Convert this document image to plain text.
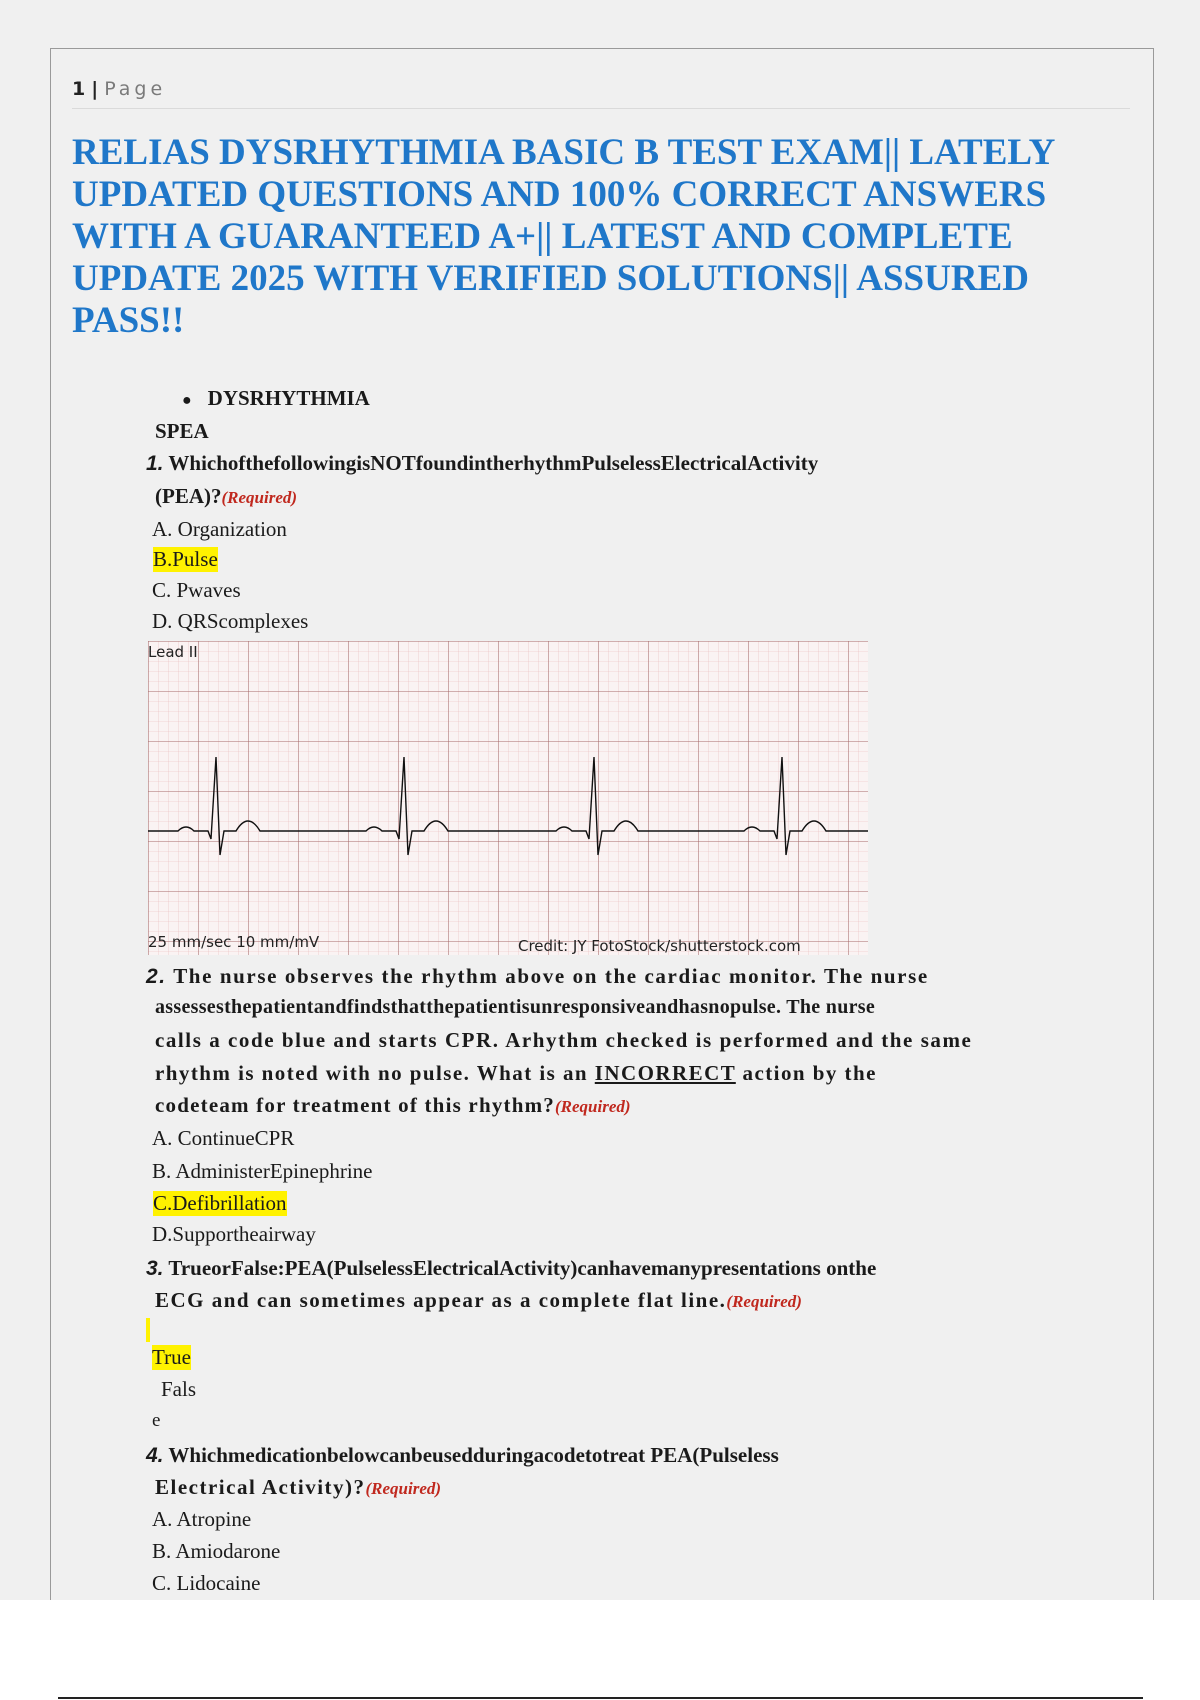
1 | Page
RELIAS DYSRHYTHMIA BASIC B TEST EXAM|| LATELY UPDATED QUESTIONS AND 100% CORRECT ANSWERS WITH A GUARANTEED A+|| LATEST AND COMPLETE UPDATE 2025 WITH VERIFIED SOLUTIONS|| ASSURED PASS!!
● DYSRHYTHMIA
SPEA
1. WhichofthefollowingisNOTfoundintherhythmPulselessElectricalActivity
(PEA)?(Required)
A. Organization
B.Pulse
C. Pwaves
D. QRScomplexes
Lead II
25 mm/sec 10 mm/mV	Credit: JY FotoStock/shutterstock.com
2. The nurse observes the rhythm above on the cardiac monitor. The nurse
assessesthepatientandfindsthatthepatientisunresponsiveandhasnopulse. The nurse
calls a code blue and starts CPR. Arhythm checked is performed and the same
rhythm is noted with no pulse. What is an INCORRECT action by the
codeteam for treatment of this rhythm?(Required)
A. ContinueCPR
B. AdministerEpinephrine
C.Defibrillation
D.Supportheairway
3. TrueorFalse:PEA(PulselessElectricalActivity)canhavemanypresentations onthe
ECG and can sometimes appear as a complete flat line.(Required)
True
Fals
e
4. Whichmedicationbelowcanbeusedduringacodetotreat PEA(Pulseless
Electrical Activity)?(Required)
A. Atropine
B. Amiodarone
C. Lidocaine
